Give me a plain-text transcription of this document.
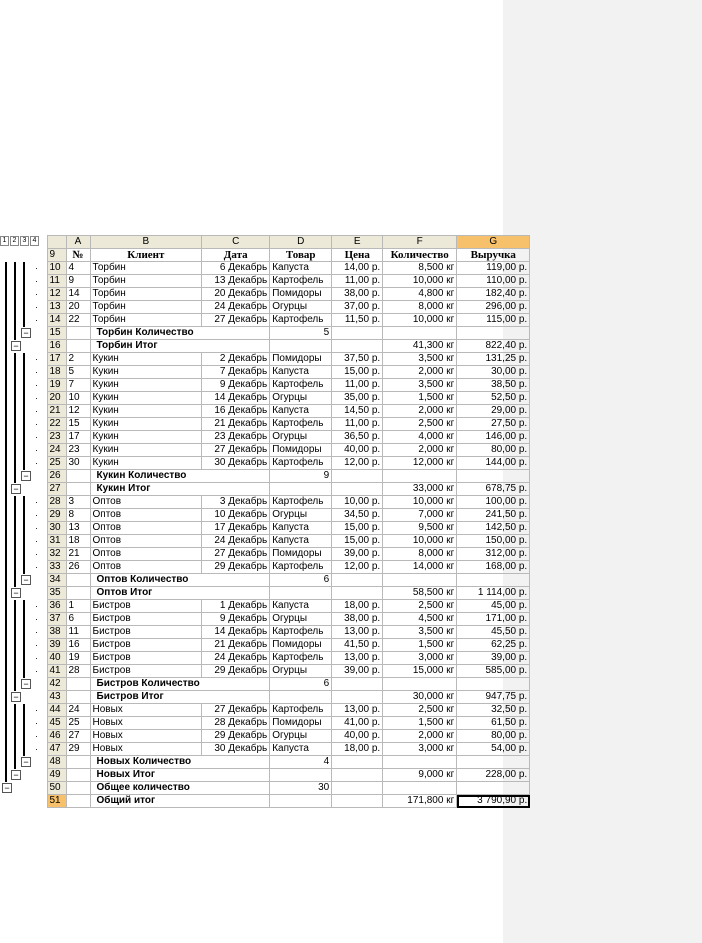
1 2 3 4		A	B	C	D	E	F	G
	9	№	Клиент	Дата	Товар	Цена	Количество	Выручка

·	10	4	Торбин	6 Декабрь	Капуста	14,00 р.	8,500 кг	119,00 р.

·	11	9	Торбин	13 Декабрь	Картофель	11,00 р.	10,000 кг	110,00 р.

·	12	14	Торбин	20 Декабрь	Помидоры	38,00 р.	4,800 кг	182,40 р.

·	13	20	Торбин	24 Декабрь	Огурцы	37,00 р.	8,000 кг	296,00 р.

·	14	22	Торбин	27 Декабрь	Картофель	11,50 р.	10,000 кг	115,00 р.

−	15		Торбин Количество		5			

−	16		Торбин Итог				41,300 кг	822,40 р.

·	17	2	Кукин	2 Декабрь	Помидоры	37,50 р.	3,500 кг	131,25 р.

·	18	5	Кукин	7 Декабрь	Капуста	15,00 р.	2,000 кг	30,00 р.

·	19	7	Кукин	9 Декабрь	Картофель	11,00 р.	3,500 кг	38,50 р.

·	20	10	Кукин	14 Декабрь	Огурцы	35,00 р.	1,500 кг	52,50 р.

·	21	12	Кукин	16 Декабрь	Капуста	14,50 р.	2,000 кг	29,00 р.

·	22	15	Кукин	21 Декабрь	Картофель	11,00 р.	2,500 кг	27,50 р.

·	23	17	Кукин	23 Декабрь	Огурцы	36,50 р.	4,000 кг	146,00 р.

·	24	23	Кукин	27 Декабрь	Помидоры	40,00 р.	2,000 кг	80,00 р.

·	25	30	Кукин	30 Декабрь	Картофель	12,00 р.	12,000 кг	144,00 р.

−	26		Кукин Количество		9			

−	27		Кукин Итог				33,000 кг	678,75 р.

·	28	3	Оптов	3 Декабрь	Картофель	10,00 р.	10,000 кг	100,00 р.

·	29	8	Оптов	10 Декабрь	Огурцы	34,50 р.	7,000 кг	241,50 р.

·	30	13	Оптов	17 Декабрь	Капуста	15,00 р.	9,500 кг	142,50 р.

·	31	18	Оптов	24 Декабрь	Капуста	15,00 р.	10,000 кг	150,00 р.

·	32	21	Оптов	27 Декабрь	Помидоры	39,00 р.	8,000 кг	312,00 р.

·	33	26	Оптов	29 Декабрь	Картофель	12,00 р.	14,000 кг	168,00 р.

−	34		Оптов Количество		6			

−	35		Оптов Итог				58,500 кг	1 114,00 р.

·	36	1	Бистров	1 Декабрь	Капуста	18,00 р.	2,500 кг	45,00 р.

·	37	6	Бистров	9 Декабрь	Огурцы	38,00 р.	4,500 кг	171,00 р.

·	38	11	Бистров	14 Декабрь	Картофель	13,00 р.	3,500 кг	45,50 р.

·	39	16	Бистров	21 Декабрь	Помидоры	41,50 р.	1,500 кг	62,25 р.

·	40	19	Бистров	24 Декабрь	Картофель	13,00 р.	3,000 кг	39,00 р.

·	41	28	Бистров	29 Декабрь	Огурцы	39,00 р.	15,000 кг	585,00 р.

−	42		Бистров Количество		6			

−	43		Бистров Итог				30,000 кг	947,75 р.

·	44	24	Новых	27 Декабрь	Картофель	13,00 р.	2,500 кг	32,50 р.

·	45	25	Новых	28 Декабрь	Помидоры	41,00 р.	1,500 кг	61,50 р.

·	46	27	Новых	29 Декабрь	Огурцы	40,00 р.	2,000 кг	80,00 р.

·	47	29	Новых	30 Декабрь	Капуста	18,00 р.	3,000 кг	54,00 р.

−	48		Новых Количество		4			

−	49		Новых Итог				9,000 кг	228,00 р.

−	50		Общее количество		30			
	51		Общий итог				171,800 кг	3 790,90 р.
